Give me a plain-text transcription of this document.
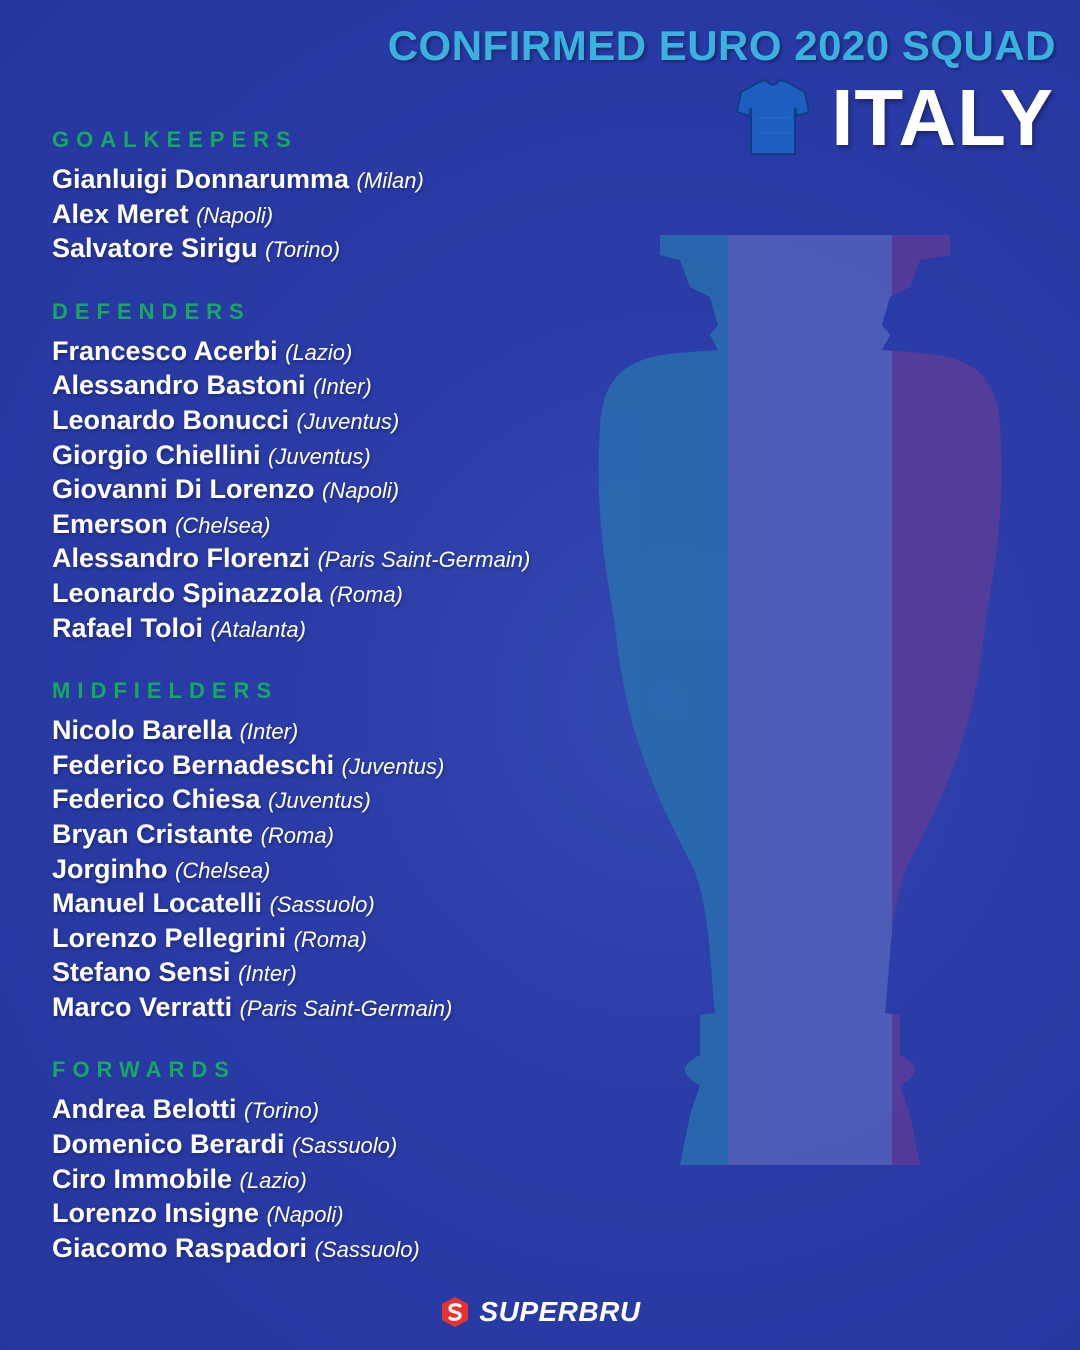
CONFIRMED EURO 2020 SQUAD
ITALY
GOALKEEPERS
Gianluigi Donnarumma (Milan)
Alex Meret (Napoli)
Salvatore Sirigu (Torino)
DEFENDERS
Francesco Acerbi (Lazio)
Alessandro Bastoni (Inter)
Leonardo Bonucci (Juventus)
Giorgio Chiellini (Juventus)
Giovanni Di Lorenzo (Napoli)
Emerson (Chelsea)
Alessandro Florenzi (Paris Saint-Germain)
Leonardo Spinazzola (Roma)
Rafael Toloi (Atalanta)
MIDFIELDERS
Nicolo Barella (Inter)
Federico Bernadeschi (Juventus)
Federico Chiesa (Juventus)
Bryan Cristante (Roma)
Jorginho (Chelsea)
Manuel Locatelli (Sassuolo)
Lorenzo Pellegrini (Roma)
Stefano Sensi (Inter)
Marco Verratti (Paris Saint-Germain)
FORWARDS
Andrea Belotti (Torino)
Domenico Berardi (Sassuolo)
Ciro Immobile (Lazio)
Lorenzo Insigne (Napoli)
Giacomo Raspadori (Sassuolo)
SUPERBRU
